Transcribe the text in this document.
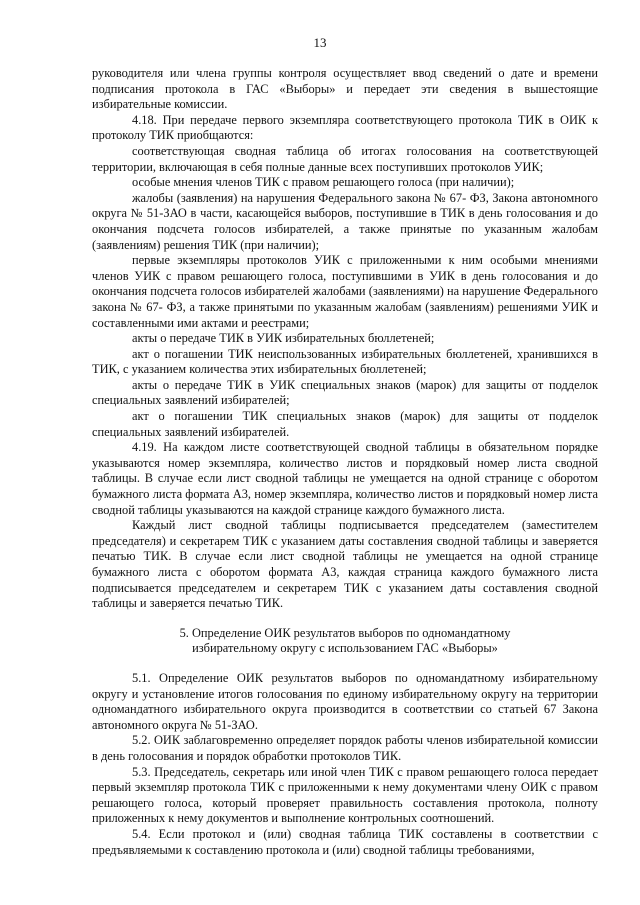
13

руководителя или члена группы контроля осуществляет ввод сведений о дате и времени подписания протокола в ГАС «Выборы» и передает эти сведения в вышестоящие избирательные комиссии.

4.18. При передаче первого экземпляра соответствующего протокола ТИК в ОИК к протоколу ТИК приобщаются:

соответствующая сводная таблица об итогах голосования на соответствующей территории, включающая в себя полные данные всех поступивших протоколов УИК;

особые мнения членов ТИК с правом решающего голоса (при наличии);

жалобы (заявления) на нарушения Федерального закона № 67- ФЗ, Закона автономного округа № 51-ЗАО в части, касающейся выборов, поступившие в ТИК в день голосования и до окончания подсчета голосов избирателей, а также принятые по указанным жалобам (заявлениям) решения ТИК (при наличии);

первые экземпляры протоколов УИК с приложенными к ним особыми мнениями членов УИК с правом решающего голоса, поступившими в УИК в день голосования и до окончания подсчета голосов избирателей жалобами (заявлениями) на нарушение Федерального закона № 67- ФЗ, а также принятыми по указанным жалобам (заявлениям) решениями УИК и составленными ими актами и реестрами;

акты о передаче ТИК в УИК избирательных бюллетеней;

акт о погашении ТИК неиспользованных избирательных бюллетеней, хранившихся в ТИК, с указанием количества этих избирательных бюллетеней;

акты о передаче ТИК в УИК специальных знаков (марок) для защиты от подделок специальных заявлений избирателей;

акт о погашении ТИК специальных знаков (марок) для защиты от подделок специальных заявлений избирателей.

4.19. На каждом листе соответствующей сводной таблицы в обязательном порядке указываются номер экземпляра, количество листов и порядковый номер листа сводной таблицы. В случае если лист сводной таблицы не умещается на одной странице с оборотом бумажного листа формата А3, номер экземпляра, количество листов и порядковый номер листа сводной таблицы указываются на каждой странице каждого бумажного листа.

Каждый лист сводной таблицы подписывается председателем (заместителем председателя) и секретарем ТИК с указанием даты составления сводной таблицы и заверяется печатью ТИК. В случае если лист сводной таблицы не умещается на одной странице бумажного листа с оборотом формата А3, каждая страница каждого бумажного листа подписывается председателем и секретарем ТИК с указанием даты составления сводной таблицы и заверяется печатью ТИК.

5. Определение ОИК результатов выборов по одномандатному

избирательному округу с использованием ГАС «Выборы»

5.1. Определение ОИК результатов выборов по одномандатному избирательному округу и установление итогов голосования по единому избирательному округу на территории одномандатного избирательного округа производится в соответствии со статьей 67 Закона автономного округа № 51-ЗАО.

5.2. ОИК заблаговременно определяет порядок работы членов избирательной комиссии в день голосования и порядок обработки протоколов ТИК.

5.3. Председатель, секретарь или иной член ТИК с правом решающего голоса передает первый экземпляр протокола ТИК с приложенными к нему документами члену ОИК с правом решающего голоса, который проверяет правильность составления протокола, полноту приложенных к нему документов и выполнение контрольных соотношений.

5.4. Если протокол и (или) сводная таблица ТИК составлены в соответствии с предъявляемыми к составлению протокола и (или) сводной таблицы требованиями,
